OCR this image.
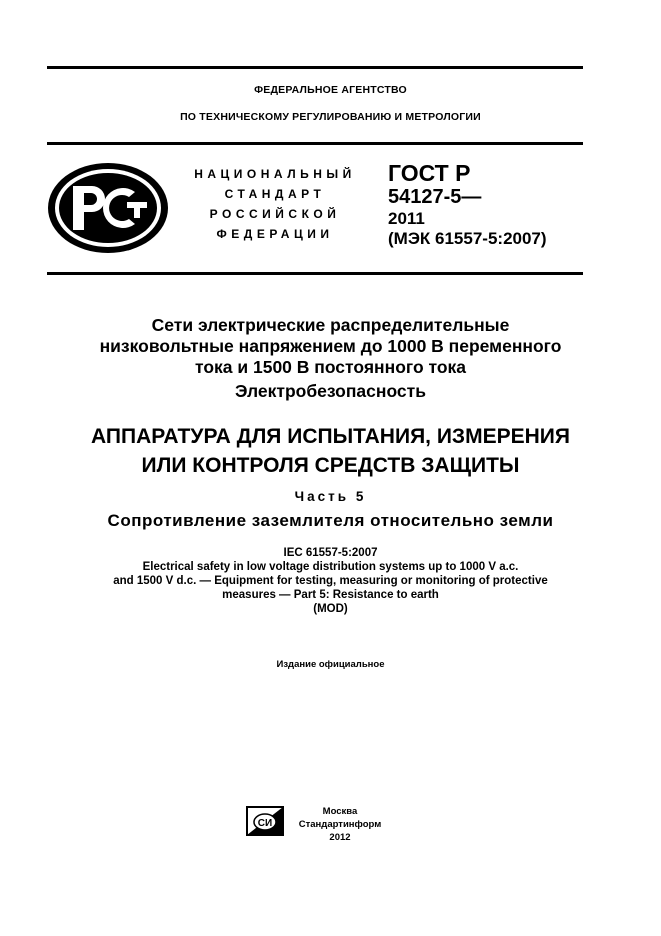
ФЕДЕРАЛЬНОЕ АГЕНТСТВО
ПО ТЕХНИЧЕСКОМУ РЕГУЛИРОВАНИЮ И МЕТРОЛОГИИ
НАЦИОНАЛЬНЫЙ
СТАНДАРТ
РОССИЙСКОЙ
ФЕДЕРАЦИИ
ГОСТ Р
54127-5—
2011
(МЭК 61557-5:2007)
Сети электрические распределительные
низковольтные напряжением до 1000 В переменного
тока и 1500 В постоянного тока
Электробезопасность
АППАРАТУРА ДЛЯ ИСПЫТАНИЯ, ИЗМЕРЕНИЯ
ИЛИ КОНТРОЛЯ СРЕДСТВ ЗАЩИТЫ
Часть 5
Сопротивление заземлителя относительно земли
IEC 61557-5:2007
Electrical safety in low voltage distribution systems up to 1000 V a.c.
and 1500 V d.c. — Equipment for testing, measuring or monitoring of protective
measures — Part 5: Resistance to earth
(MOD)
Издание официальное
СИ
Москва
Стандартинформ
2012
